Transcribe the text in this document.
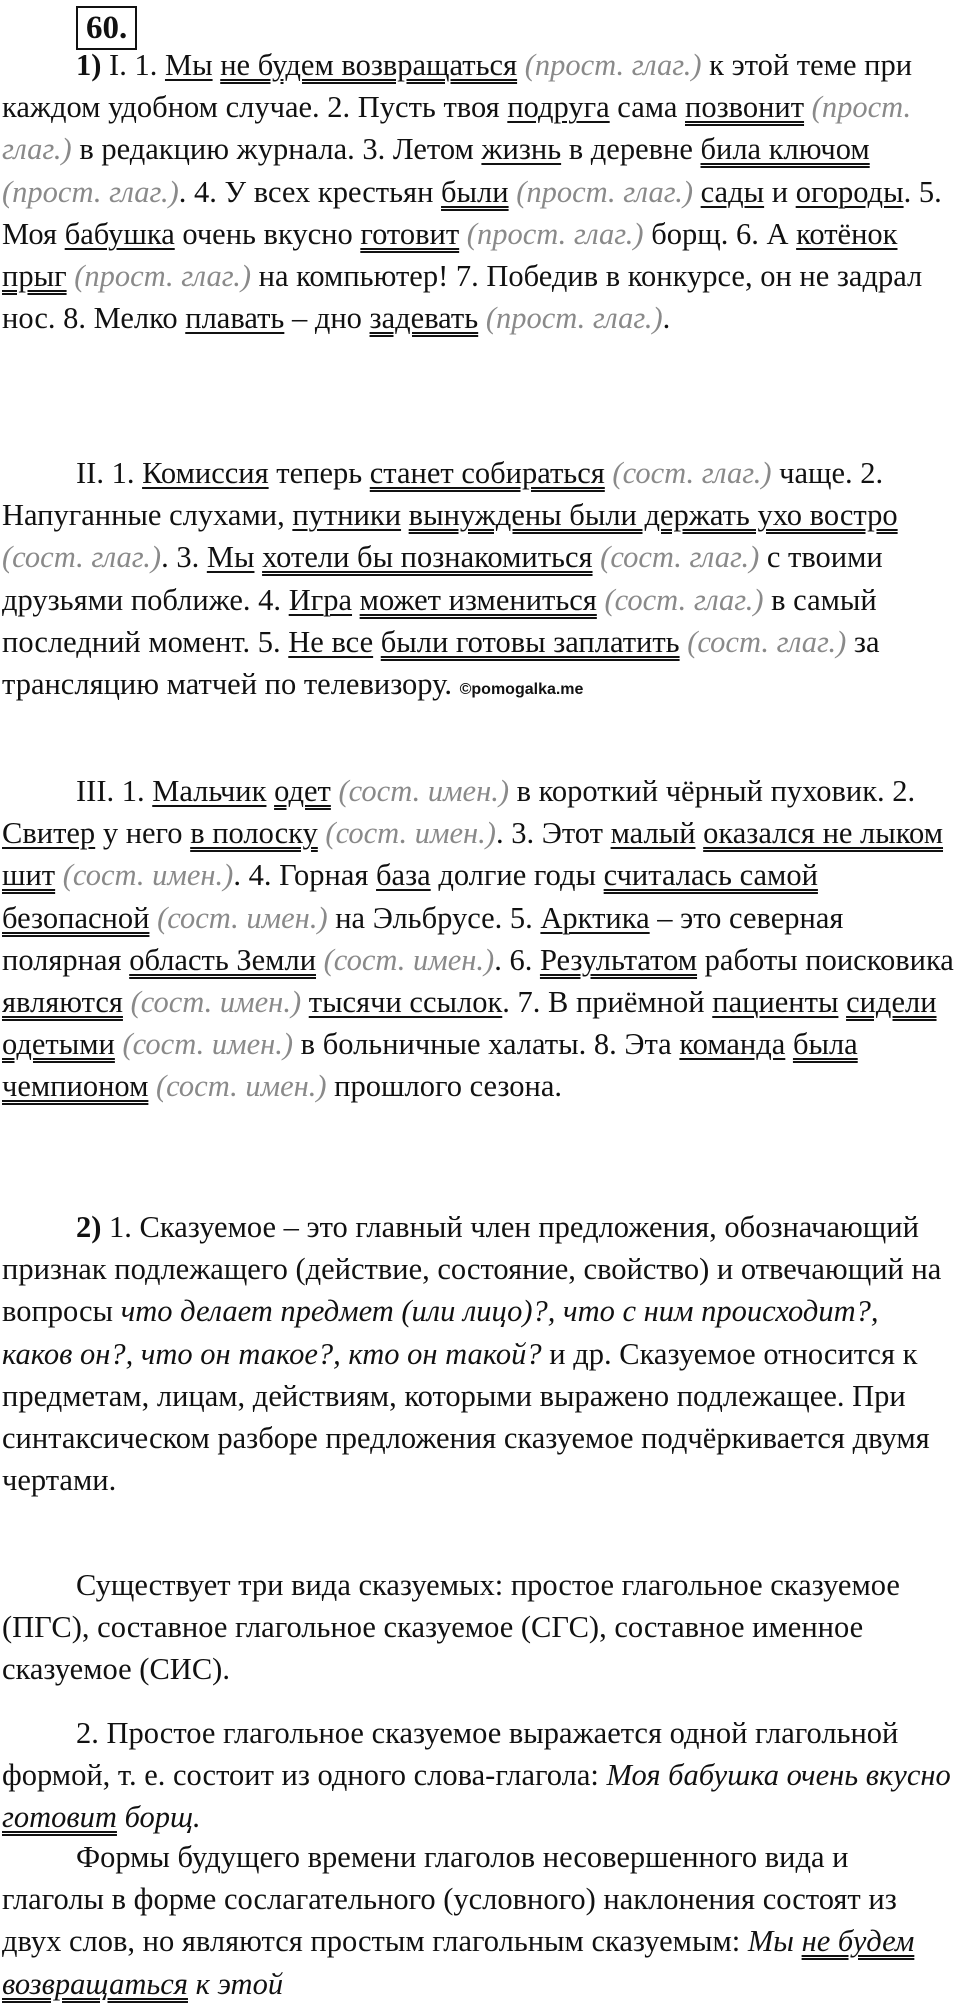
60.

1) I. 1. Мы не будем возвращаться (прост. глаг.) к этой теме при каждом удобном случае. 2. Пусть твоя подруга сама позвонит (прост. глаг.) в редакцию журнала. 3. Летом жизнь в деревне била ключом (прост. глаг.). 4. У всех крестьян были (прост. глаг.) сады и огороды. 5. Моя бабушка очень вкусно готовит (прост. глаг.) борщ. 6. А котёнок прыг (прост. глаг.) на компьютер! 7. Победив в конкурсе, он не задрал нос. 8. Мелко плавать – дно задевать (прост. глаг.).

II. 1. Комиссия теперь станет собираться (сост. глаг.) чаще. 2. Напуганные слухами, путники вынуждены были держать ухо востро (сост. глаг.). 3. Мы хотели бы познакомиться (сост. глаг.) с твоими друзьями поближе. 4. Игра может измениться (сост. глаг.) в самый последний момент. 5. Не все были готовы заплатить (сост. глаг.) за трансляцию матчей по телевизору. ©pomogalka.me

III. 1. Мальчик одет (сост. имен.) в короткий чёрный пуховик. 2. Свитер у него в полоску (сост. имен.). 3. Этот малый оказался не лыком шит (сост. имен.). 4. Горная база долгие годы считалась самой безопасной (сост. имен.) на Эльбрусе. 5. Арктика – это северная полярная область Земли (сост. имен.). 6. Результатом работы поисковика являются (сост. имен.) тысячи ссылок. 7. В приёмной пациенты сидели одетыми (сост. имен.) в больничные халаты. 8. Эта команда была чемпионом (сост. имен.) прошлого сезона.

2) 1. Сказуемое – это главный член предложения, обозначающий признак подлежащего (действие, состояние, свойство) и отвечающий на вопросы что делает предмет (или лицо)?, что с ним происходит?, каков он?, что он такое?, кто он такой? и др. Сказуемое относится к предметам, лицам, действиям, которыми выражено подлежащее. При синтаксическом разборе предложения сказуемое подчёркивается двумя чертами.

Существует три вида сказуемых: простое глагольное сказуемое (ПГС), составное глагольное сказуемое (СГС), составное именное сказуемое (СИС).

2. Простое глагольное сказуемое выражается одной глагольной формой, т. е. состоит из одного слова-глагола: Моя бабушка очень вкусно готовит борщ.

Формы будущего времени глаголов несовершенного вида и глаголы в форме сослагательного (условного) наклонения состоят из двух слов, но являются простым глагольным сказуемым: Мы не будем возвращаться к этой
